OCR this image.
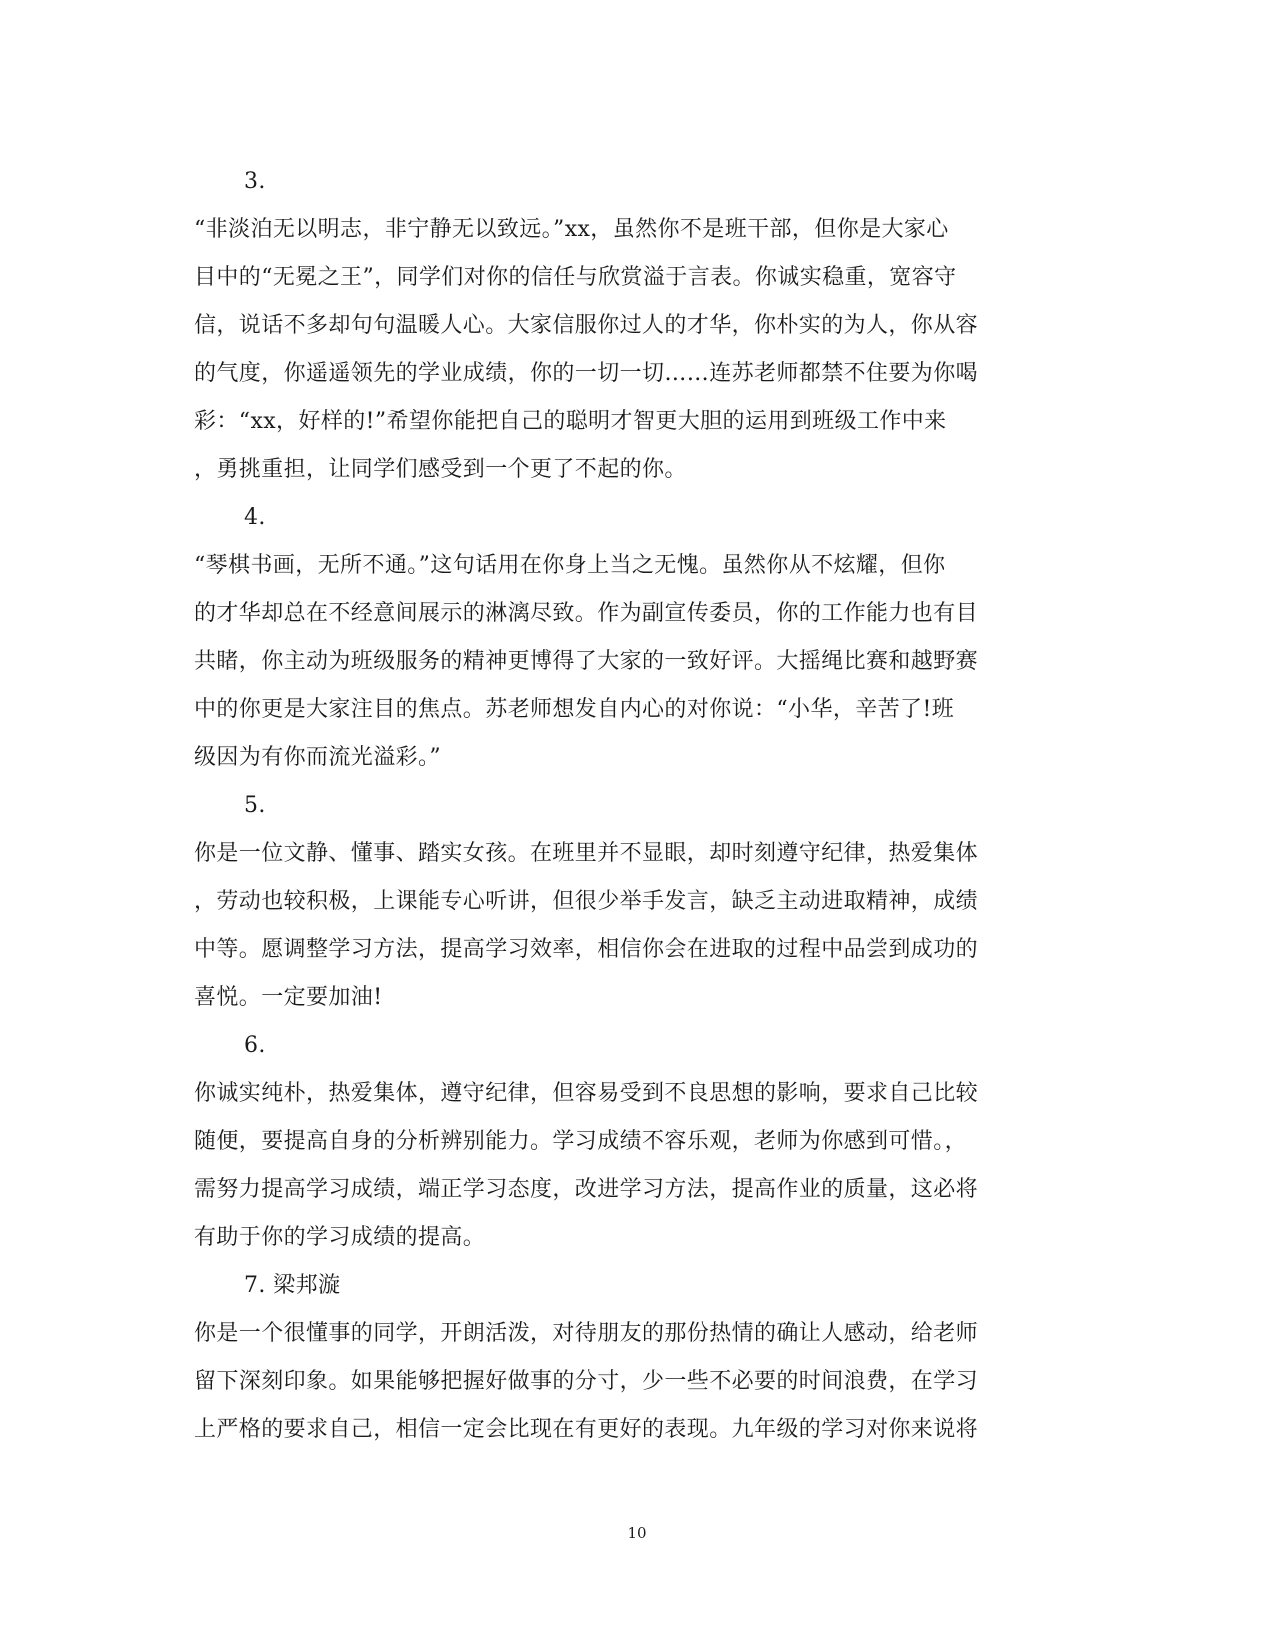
3.
“非淡泊无以明志，非宁静无以致远。”xx，虽然你不是班干部，但你是大家心
目中的“无冕之王”，同学们对你的信任与欣赏溢于言表。你诚实稳重，宽容守
信，说话不多却句句温暖人心。大家信服你过人的才华，你朴实的为人，你从容
的气度，你遥遥领先的学业成绩，你的一切一切……连苏老师都禁不住要为你喝
彩：“xx，好样的!”希望你能把自己的聪明才智更大胆的运用到班级工作中来
，勇挑重担，让同学们感受到一个更了不起的你。
4.
“琴棋书画，无所不通。”这句话用在你身上当之无愧。虽然你从不炫耀，但你
的才华却总在不经意间展示的淋漓尽致。作为副宣传委员，你的工作能力也有目
共睹，你主动为班级服务的精神更博得了大家的一致好评。大摇绳比赛和越野赛
中的你更是大家注目的焦点。苏老师想发自内心的对你说：“小华，辛苦了!班
级因为有你而流光溢彩。”
5.
你是一位文静、懂事、踏实女孩。在班里并不显眼，却时刻遵守纪律，热爱集体
，劳动也较积极，上课能专心听讲，但很少举手发言，缺乏主动进取精神，成绩
中等。愿调整学习方法，提高学习效率，相信你会在进取的过程中品尝到成功的
喜悦。一定要加油!
6.
你诚实纯朴，热爱集体，遵守纪律，但容易受到不良思想的影响，要求自己比较
随便，要提高自身的分析辨别能力。学习成绩不容乐观，老师为你感到可惜。，
需努力提高学习成绩，端正学习态度，改进学习方法，提高作业的质量，这必将
有助于你的学习成绩的提高。
7. 梁邦漩
你是一个很懂事的同学，开朗活泼，对待朋友的那份热情的确让人感动，给老师
留下深刻印象。如果能够把握好做事的分寸，少一些不必要的时间浪费，在学习
上严格的要求自己，相信一定会比现在有更好的表现。九年级的学习对你来说将
10
